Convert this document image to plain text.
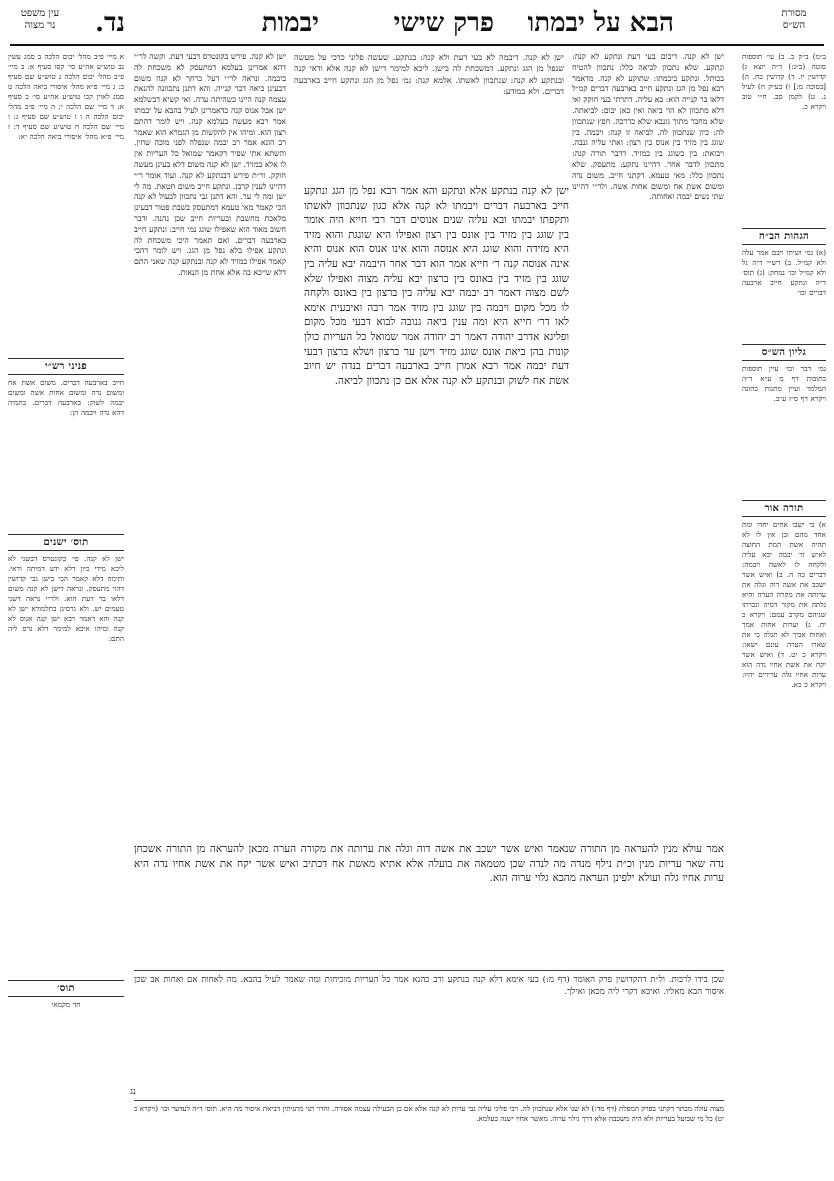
מסורת
הש״ס
הבא על יבמתו
פרק שישי
יבמות
נד.
עין משפט
נר מצוה
ב״מ) ב״ק כ. ב) עי׳ תוספות סוטה (כ״ג:) ד״ה יוצא ג) קדושין יז. ד) קדושין כח. ה) [בסוכה מ:] ו) בע״ק ח) לעיל נ. ט) לקמן סב. ח״י טוב ויקרא כ.
הגהות הב״ח
(א) גמ׳ ושיתו ויבם אמר עלה ולא קמ״ל. ב) רש״י ד״ה גל ולא קמ״ל וכו׳ נמחק: (ג) תוס׳ ד״ה ונתקע חייב ארבעה דברים וכו׳
גליון הש״ס
גמ׳ דבר וכו׳ עיין תוספות כתובות דף מ ע״א ד״ה המלמד ועיין מתנות כהונה ויקרא דף ס״ז ע״ב.
תורה אור
א) כי ישבו אחים יחדו ומת אחד מהם ובן אין לו לא תהיה אשת המת החוצה לאיש זר יבמה יבא עליה ולקחה לו לאשה ויבמה: דברים כה ה. ב) ואיש אשר ישכב את אשה דוה וגלה את ערותה את מקרה הערה והיא גלתה את מקור דמיה ונכרתו שניהם מקרב עמם: ויקרא כ יח. ג) וערות אחות אמך ואחות אביך לא תגלה כי את שארו הערה עונם ישאו: ויקרא כ יט. ד) ואיש אשר יקח את אשת אחיו נדה הוא ערות אחיו גלה ערירים יהיו: ויקרא כ כא.
א מיי׳ פ״ב מהל׳ יבום הלכה ב סמג עשין נב טוש״ע אה״ע סי׳ קסו סעיף א: ב מיי׳ פ״ב מהל׳ יבום הלכה ג טוש״ע שם סעיף ב: ג מיי׳ פ״א מהל׳ איסורי ביאה הלכה ט סמג לאוין קכו טוש״ע אה״ע סי׳ כ סעיף א: ד מיי׳ שם הלכה י: ה מיי׳ פ״ב מהל׳ יבום הלכה ה ו ז טוש״ע שם סעיף ג: ו מיי׳ שם הלכה ח טוש״ע שם סעיף ד: ז מיי׳ פ״א מהל׳ איסורי ביאה הלכה יא:
פניני רש״י
חייב בארבעה דברים. משום אשת אח ומשום נדה ומשום אחות אשה ומשום יבמה לשוק: בארבעה דברים. בתמיה דהא נדה ויבמה הן:
תוס׳ ישנים
ישן לא קנה. פי׳ בקונטרס דבשני לא ליכא מידי כיון דלא ידע דמיתה ודאי. ותימה דלא קאמר הכי בישן גבי קדושין דהוי מתעסק. ונראה דישן לא קנה משום דלאו בר דעת הוא. ולר״י נראה דשני טעמים יש. ולא גרסינן בתלמודא ישן לא קנה והא דאמר רבא ישן קנה אנוס לא קנה ומיהו איכא למימר דלא גרס ליה התם:
תוס׳
חד מקמאי
ישן לא קנה. דיבום בעי דעת ונתקע לא קנה: ונתקע. שלא נתכוון לביאה כלל: נתכוון להטיח בכותל. ונתקע ביבמתו: שתוקע לא קנה. מדאמר רבא נפל מן הגג ונתקע חייב בארבעה דברים קמ״ל דלאו בר קנייה הוא: בא עליה. דתרתי בעי חוקק ואי דלא מתכוון לא הוי ביאה ואין כאן יבום: לביאתה. שלא מחבר מתוך גונבא שלא כדרכה. חפץ שנתכוון לה: כיון שנתכוון לה. לביאה זו קנה: ויבמה. בין שוגג בין מזיד בין אנוס בין רצון: ואתי עליה גנבה. ויבואת: בין בשוגג בין במזיד. דדבר תורה קנה: מתכוון לדבר אחר. דהיינו נתקע: מתעסק. שלא נתכוון כלל: מאי טעמא. דקתני חייב. משום נדה ומשום אשת אח ומשום אחות אשה. ולר״י דהיינו שתי נשים יבמה ואחותה.
ישן לא קנה. פירש בקונטרס דבעי דעת. וקשה לר״י דהא אמרינן בעלמא דמתעסק לא משכחת לה ביבמה. ונראה לר״י דעל כרחך לא קנה משום דבעינן ביאה דבר קנייה. והא דתנן נתכוונה להנאת עצמה קנה היינו כשהיתה ערה. ואי קשיא דבשלמא ישן אבל אנוס קנה כדאמרינן לעיל בהבא על יבמתו אמר רבא מעשה בעלמא קנה. ויש לומר דהתם רצון הוא. ומיהו אין להקשות מן הגמרא הוא שאמר רב הונא אמר רב יבמה שנפלה לפני מוכה שחין. והשתא אתי שפיר דקאמר שמואל כל העריות אין לו אלא במזיד. ישן לא קנה משום דלא בעינן מעשה חוקק. ור״ת פירש דבנתקע לא קנה. ועוד אומר ר״י דהיינו לענין קרבן. ונתקע חייב משום חטאת. מה לי ישן ומה לי ער. והא דתנן גבי נתכוון לבעול לא קנה הכי קאמר מאי טעמא דמתעסק בשבת פטור דבעינן מלאכת מחשבת ובעריות חייב שכן נהנה. ודבר חשוב מאוד הוא שאפילו שוגג נמי חייב: ונתקע חייב בארבעה דברים. ואם תאמר היכי משכחת לה ונתקע אפילו בלא נפל מן הגג. ויש לומר דהכי קאמר אפילו במזיד לא קנה ובנתקע קנה שאני התם דלא שייכא בה אלא אחת מן הנאות.
ישן לא קנה. דיבמה לא בעי דעת ולא קנה: בנתקע. שעשה פלוני כדכי על מעשה שנפל מן הגג ונתקע. דמשכחת לה בישן. ליכא למימר דישן לא קנה אלא ודאי קנה ובנתקע לא קנה: שנתכוון לאשתו. אלמא קנה: גמ׳ נפל מן הגג ונתקע חייב בארבעה דברים. ולא במודע:
ישן לא קנה בנתקע אלא ונתקע והא אמר רבא נפל מן הגג ונתקע חייב בארבעה דברים ויבמתו לא קנה אלא כגון שנתכוון לאשתו ותקפתו יבמתו ובא עליה שנים אנוסים דבר רבי חייא היה אומר בין שוגג בין מזיד בין אונס בין רצון ואפילו היא שוגגת והוא מזיד היא מזידה והוא שוגג היא אנוסה והוא אינו אנוס הוא אנוס והיא אינה אנוסה קנה ר׳ חייא אמר הוא דבר אחר היבמה יבא עליה בין שוגג בין מזיד בין באונס בין ברצון יבא עליה מצוה ואפילו שלא לשם מצוה דאמר רב יבמה יבא עליה בין ברצון בין באונס ולקחה לו מכל מקום ויבמה בין שוגג בין מזיד אמר רבה ואיבעית אימא לאו דר׳ חייא היא ומה ענין ביאה גנובה לבוא דבעי מכל מקום ופליגא אדרב יהודה דאמר רב יהודה אמר שמואל כל העריות כולן קונות בהן ביאת אונס שוגג מזיד וישן ער ברצון ושלא ברצון דבעי דעת יבמה אמר רבא אמרן חייב בארבעה דברים בנדה יש חיוב אשת אח לשוק ובנתקע לא קנה אלא אם כן נתכוון לביאה.
אמר עולא מנין להעראה מן התורה שנאמר ואיש אשר ישכב את אשה דוה וגלה את ערותה את מקורה הערה מכאן להעראה מן התורה אשכחן נדה שאר עריות מנין וכ״ת נילף מנדה מה לנדה שכן מטמאה את בועלה אלא אתיא מאשת אח דכתיב ואיש אשר יקח את אשת אחיו נדה היא ערות אחיו גלה ועולא ילפינן העראה מהכא גלוי ערוה הוא.
שכן בידו לרבות. ול״ת דהקדושין פרק האומר (דף מ:) בעי אימא דלא קנה בנתקע ורב כהנא אמר כל העריות מוכיחות ומה שאמר לעיל בהבא. מה לאחות אם ואחות אב שכן איסור הבא מאליו. ואיכא דקרי ליה מכאן ואילך.
מצוה עולה מבתר דקתני בפרק המפלת (דף מד:) לא שנו אלא שנתכוון לה. רבי פליגי עליה גבי ערות לא קנה אלא אם כן הבעילה עצמה אסורה. והדר תני מתניתין דביאת איסור מה היא. תוס׳ ד״ה לעדער וכו׳ (ויקרא כ יט) כל מי שבועל בעריות ולא היה משכבה אלא דרך גילוי ערוה. מאשר אחיו ישנה בעלמא.
נג
